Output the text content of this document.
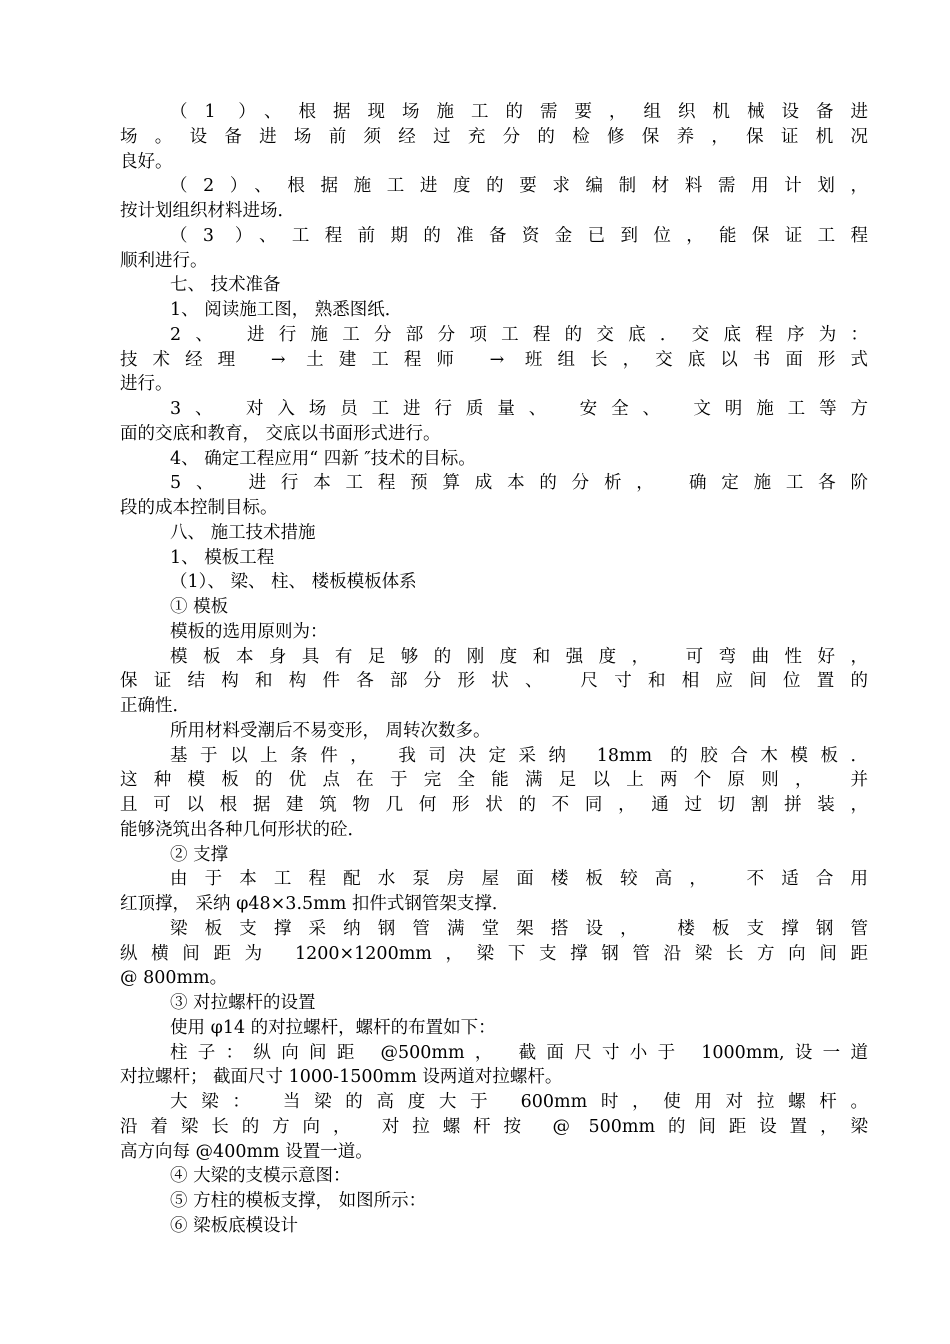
（1 ）、根据现场施工的需要，组织机械设备进
场。设备进场前须经过充分的检修保养，保证机况
良好。
（2）、根据施工进度的要求编制材料需用计划，
按计划组织材料进场．
（3 ）、工程前期的准备资金已到位，能保证工程
顺利进行。
七、 技术准备
1、 阅读施工图， 熟悉图纸．
2、 进行施工分部分项工程的交底．交底程序为：
技术经理 → 土建工程师 → 班组长，交底以书面形式
进行。
3、 对入场员工进行质量、 安全、 文明施工等方
面的交底和教育， 交底以书面形式进行。
4、 确定工程应用“ 四新 ″技术的目标。
5、 进行本工程预算成本的分析， 确定施工各阶
段的成本控制目标。
八、 施工技术措施
1、 模板工程
（1）、 梁、 柱、 楼板模板体系
① 模板
模板的选用原则为：
模板本身具有足够的刚度和强度， 可弯曲性好，
保证结构和构件各部分形状、 尺寸和相应间位置的
正确性．
所用材料受潮后不易变形， 周转次数多。
基于以上条件， 我司决定采纳 18mm 的胶合木模板．
这种模板的优点在于完全能满足以上两个原则， 并
且可以根据建筑物几何形状的不同，通过切割拼装，
能够浇筑出各种几何形状的砼．
② 支撑
由于本工程配水泵房屋面楼板较高， 不适合用
红顶撑， 采纳 φ48×3.5mm 扣件式钢管架支撑．
梁板支撑采纳钢管满堂架搭设， 楼板支撑钢管
纵横间距为 1200×1200mm，梁下支撑钢管沿梁长方向间距
@ 800mm。
③ 对拉螺杆的设置
使用 φ14 的对拉螺杆，螺杆的布置如下：
柱子：纵向间距 @500mm， 截面尺寸小于 1000mm,设一道
对拉螺杆； 截面尺寸 1000-1500mm 设两道对拉螺杆。
大梁： 当梁的高度大于 600mm时，使用对拉螺杆。
沿着梁长的方向， 对拉螺杆按 @ 500mm的间距设置，梁
高方向每 @400mm 设置一道。
④ 大梁的支模示意图：
⑤ 方柱的模板支撑， 如图所示：
⑥ 梁板底模设计
